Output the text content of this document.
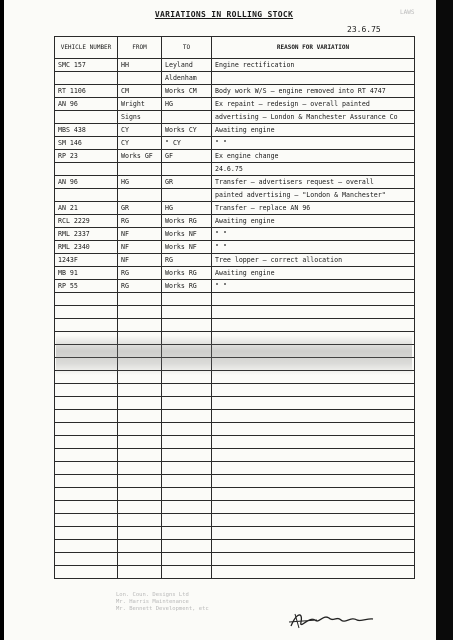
VARIATIONS IN ROLLING STOCK	LAWS
23.6.75
VEHICLE NUMBER	FROM	TO	REASON FOR VARIATION
SMC 157	HH	Leyland	Engine rectification
		Aldenham	
RT 1106	CM	Works CM	Body work W/S – engine removed into RT 4747
AN 96	Wright	HG	Ex repaint – redesign – overall painted
	Signs		advertising – London & Manchester Assurance Co
MBS 438	CY	Works CY	Awaiting engine
SM 146	CY	" CY	" "
RP 23	Works GF	GF	Ex engine change
			24.6.75
AN 96	HG	GR	Transfer – advertisers request – overall
			painted advertising – "London & Manchester"
AN 21	GR	HG	Transfer – replace AN 96
RCL 2229	RG	Works RG	Awaiting engine
RML 2337	NF	Works NF	" "
RML 2340	NF	Works NF	" "
1243F	NF	RG	Tree lopper – correct allocation
MB 91	RG	Works RG	Awaiting engine
RP 55	RG	Works RG	" "

Lon. Coun. Designs Ltd
Mr. Harris Maintenance
Mr. Bennett Development, etc
